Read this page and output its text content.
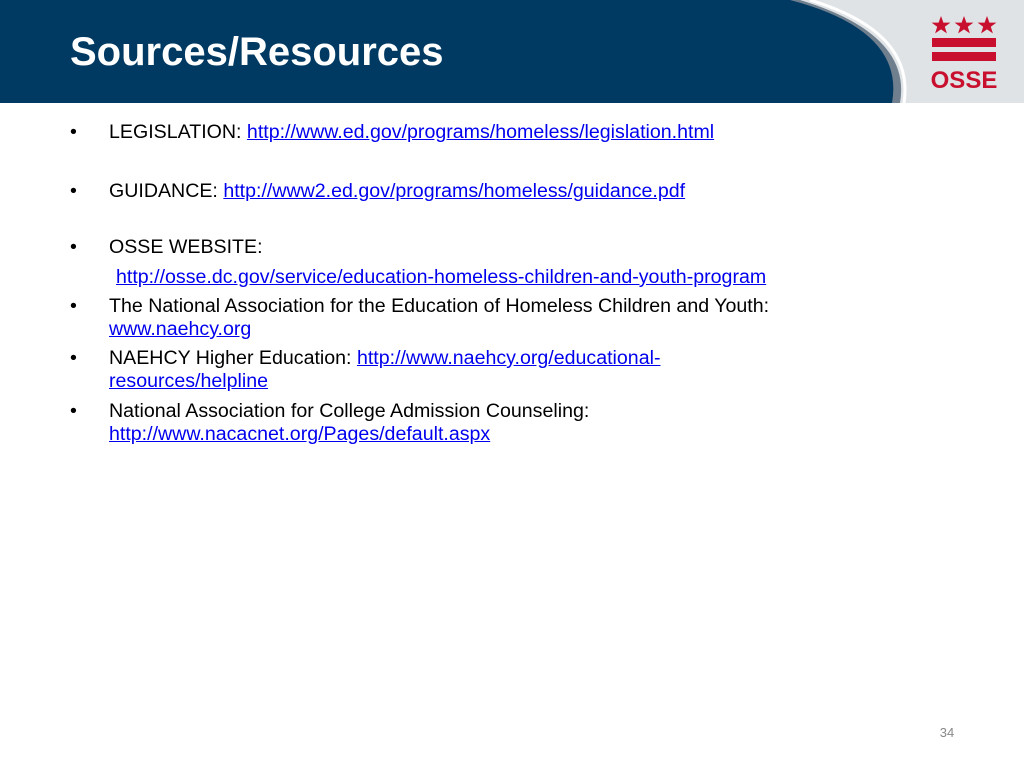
Sources/Resources
OSSE
• LEGISLATION: http://www.ed.gov/programs/homeless/legislation.html
• GUIDANCE: http://www2.ed.gov/programs/homeless/guidance.pdf
• OSSE WEBSITE:
http://osse.dc.gov/service/education-homeless-children-and-youth-program
• The National Association for the Education of Homeless Children and Youth:
www.naehcy.org
• NAEHCY Higher Education: http://www.naehcy.org/educational-
resources/helpline
• National Association for College Admission Counseling:
http://www.nacacnet.org/Pages/default.aspx
34
